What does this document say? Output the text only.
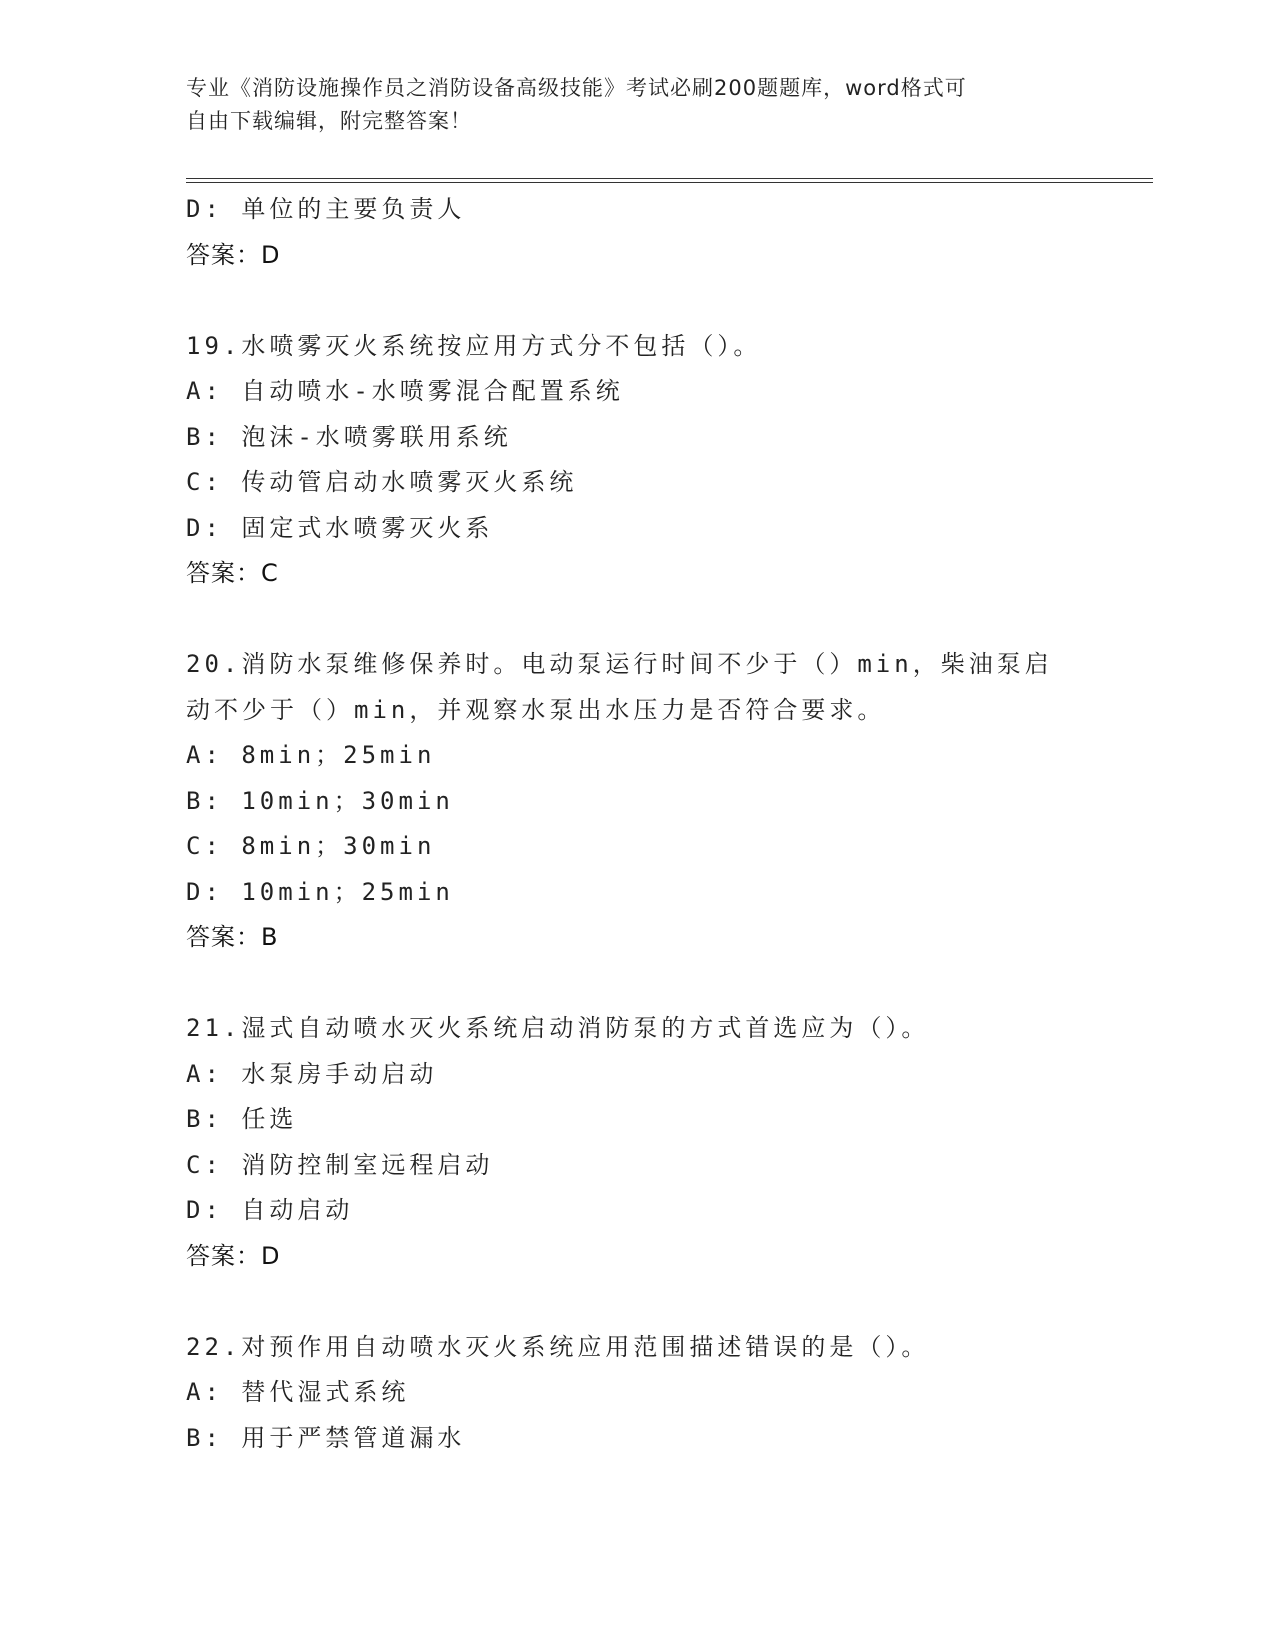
专业《消防设施操作员之消防设备高级技能》考试必刷200题题库，word格式可
自由下载编辑，附完整答案！
D: 单位的主要负责人
答案：D
19.水喷雾灭火系统按应用方式分不包括（）。
A: 自动喷水-水喷雾混合配置系统
B: 泡沫-水喷雾联用系统
C: 传动管启动水喷雾灭火系统
D: 固定式水喷雾灭火系
答案：C
20.消防水泵维修保养时。电动泵运行时间不少于（）min，柴油泵启
动不少于（）min，并观察水泵出水压力是否符合要求。
A: 8min；25min
B: 10min；30min
C: 8min；30min
D: 10min；25min
答案：B
21.湿式自动喷水灭火系统启动消防泵的方式首选应为（）。
A: 水泵房手动启动
B: 任选
C: 消防控制室远程启动
D: 自动启动
答案：D
22.对预作用自动喷水灭火系统应用范围描述错误的是（）。
A: 替代湿式系统
B: 用于严禁管道漏水
